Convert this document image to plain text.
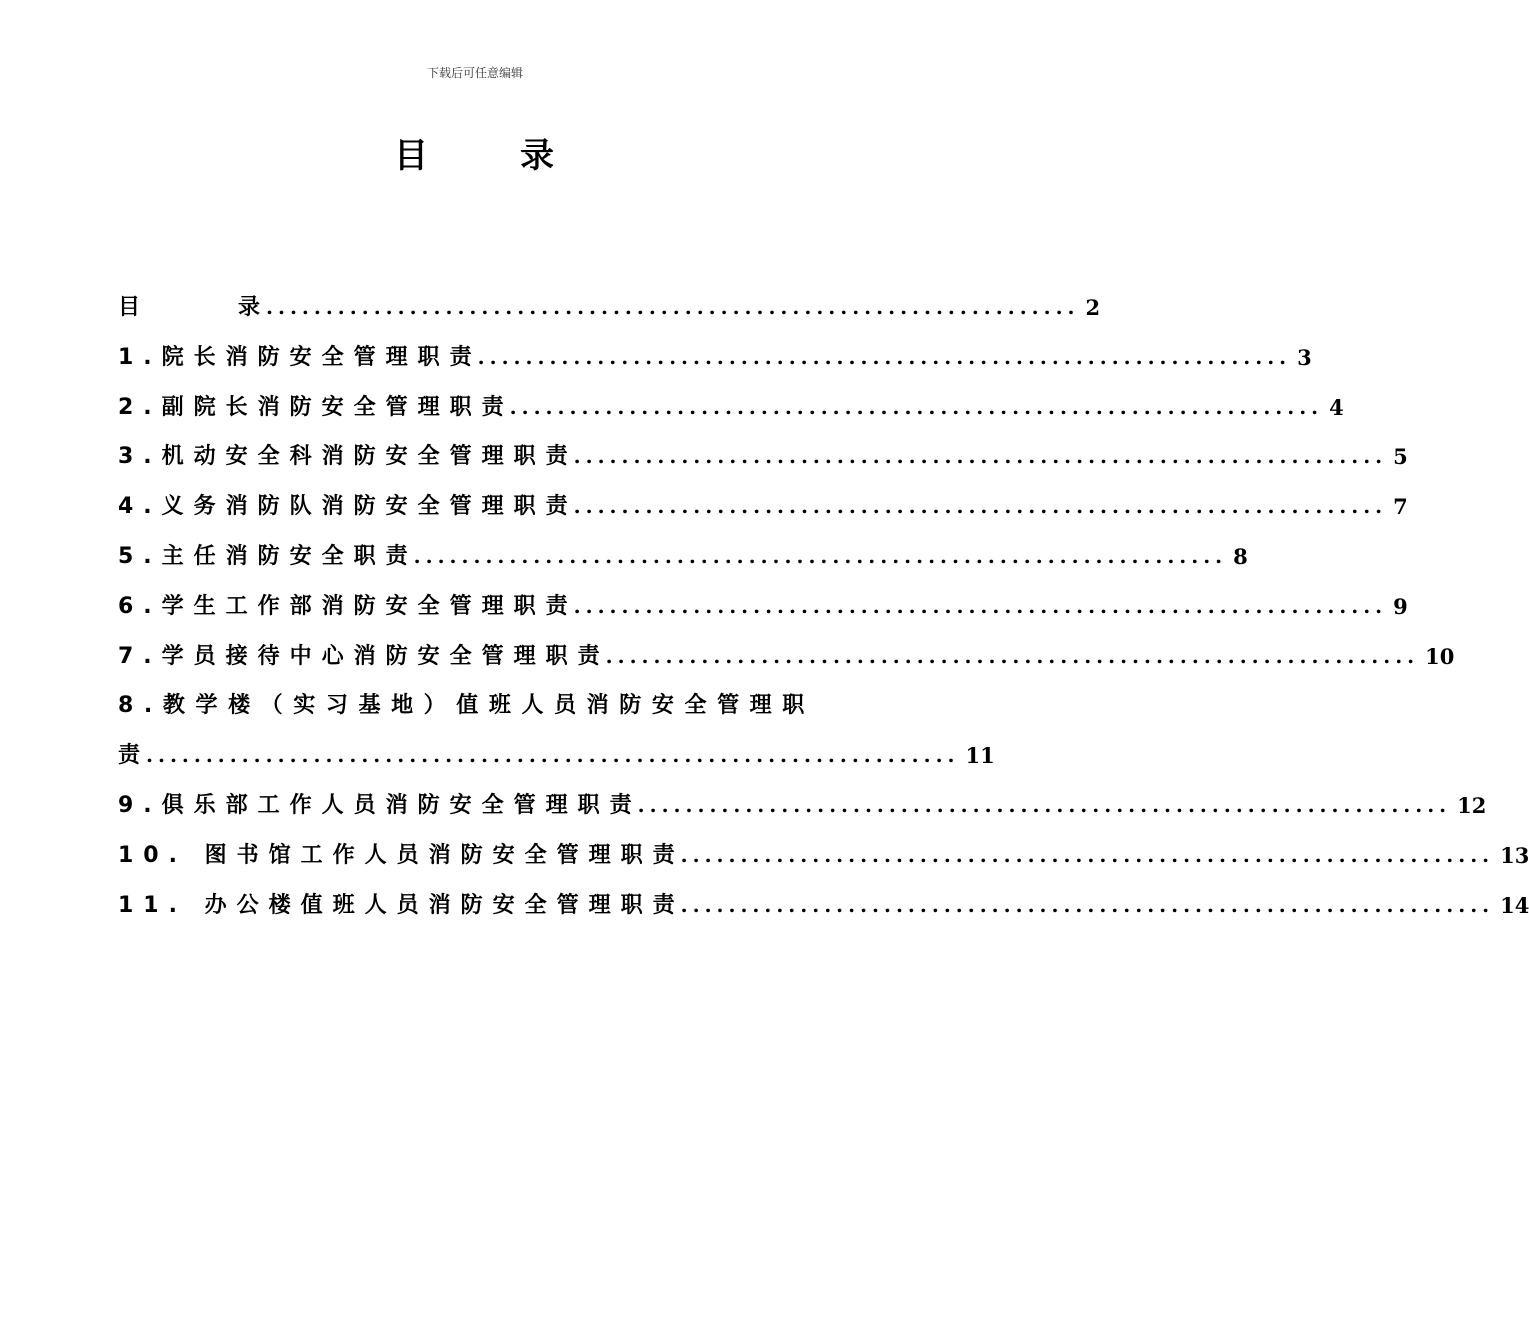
下载后可任意编辑
目	录
目	录
.................................................................... 2
1.院长消防安全管理职责
.................................................................... 3
2.副院长消防安全管理职责
.................................................................... 4
3.机动安全科消防安全管理职责
.................................................................... 5
4.义务消防队消防安全管理职责
.................................................................... 7
5.主任消防安全职责
.................................................................... 8
6.学生工作部消防安全管理职责
.................................................................... 9
7.学员接待中心消防安全管理职责
.................................................................... 10
8.教学楼（实习基地）值班人员消防安全管理职
责
.................................................................... 11
9.俱乐部工作人员消防安全管理职责
.................................................................... 12
10. 图书馆工作人员消防安全管理职责
.................................................................... 13
11. 办公楼值班人员消防安全管理职责
.................................................................... 14
